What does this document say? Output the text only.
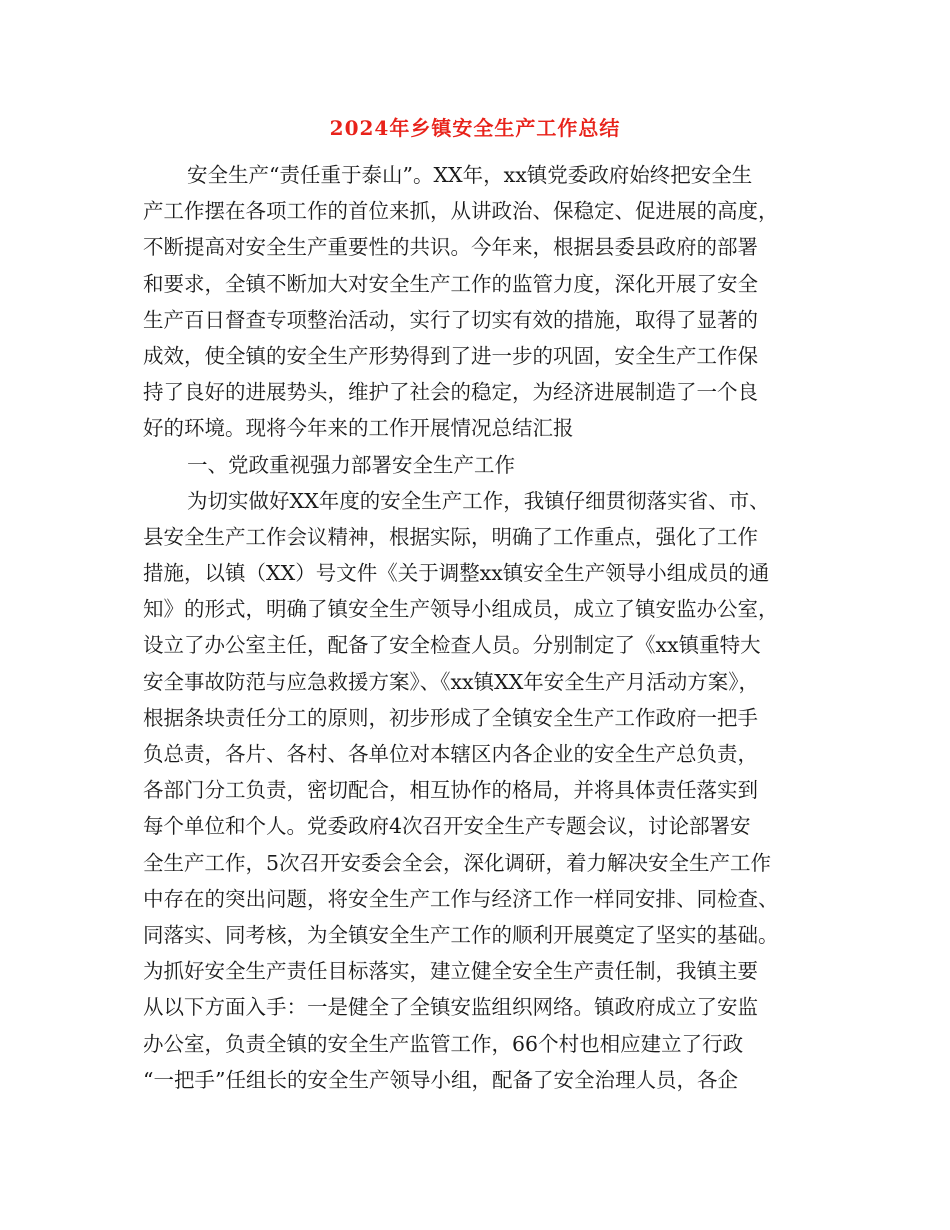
2024年乡镇安全生产工作总结
安全生产“责任重于泰山”。XX年，xx镇党委政府始终把安全生
产工作摆在各项工作的首位来抓，从讲政治、保稳定、促进展的高度，
不断提高对安全生产重要性的共识。今年来，根据县委县政府的部署
和要求，全镇不断加大对安全生产工作的监管力度，深化开展了安全
生产百日督查专项整治活动，实行了切实有效的措施，取得了显著的
成效，使全镇的安全生产形势得到了进一步的巩固，安全生产工作保
持了良好的进展势头，维护了社会的稳定，为经济进展制造了一个良
好的环境。现将今年来的工作开展情况总结汇报
一、党政重视强力部署安全生产工作
为切实做好XX年度的安全生产工作，我镇仔细贯彻落实省、市、
县安全生产工作会议精神，根据实际，明确了工作重点，强化了工作
措施，以镇（XX）号文件《关于调整xx镇安全生产领导小组成员的通
知》的形式，明确了镇安全生产领导小组成员，成立了镇安监办公室，
设立了办公室主任，配备了安全检查人员。分别制定了《xx镇重特大
安全事故防范与应急救援方案》、《xx镇XX年安全生产月活动方案》，
根据条块责任分工的原则，初步形成了全镇安全生产工作政府一把手
负总责，各片、各村、各单位对本辖区内各企业的安全生产总负责，
各部门分工负责，密切配合，相互协作的格局，并将具体责任落实到
每个单位和个人。党委政府4次召开安全生产专题会议，讨论部署安
全生产工作，5次召开安委会全会，深化调研，着力解决安全生产工作
中存在的突出问题，将安全生产工作与经济工作一样同安排、同检查、
同落实、同考核，为全镇安全生产工作的顺利开展奠定了坚实的基础。
为抓好安全生产责任目标落实，建立健全安全生产责任制，我镇主要
从以下方面入手：一是健全了全镇安监组织网络。镇政府成立了安监
办公室，负责全镇的安全生产监管工作，66个村也相应建立了行政
“一把手”任组长的安全生产领导小组，配备了安全治理人员，各企
